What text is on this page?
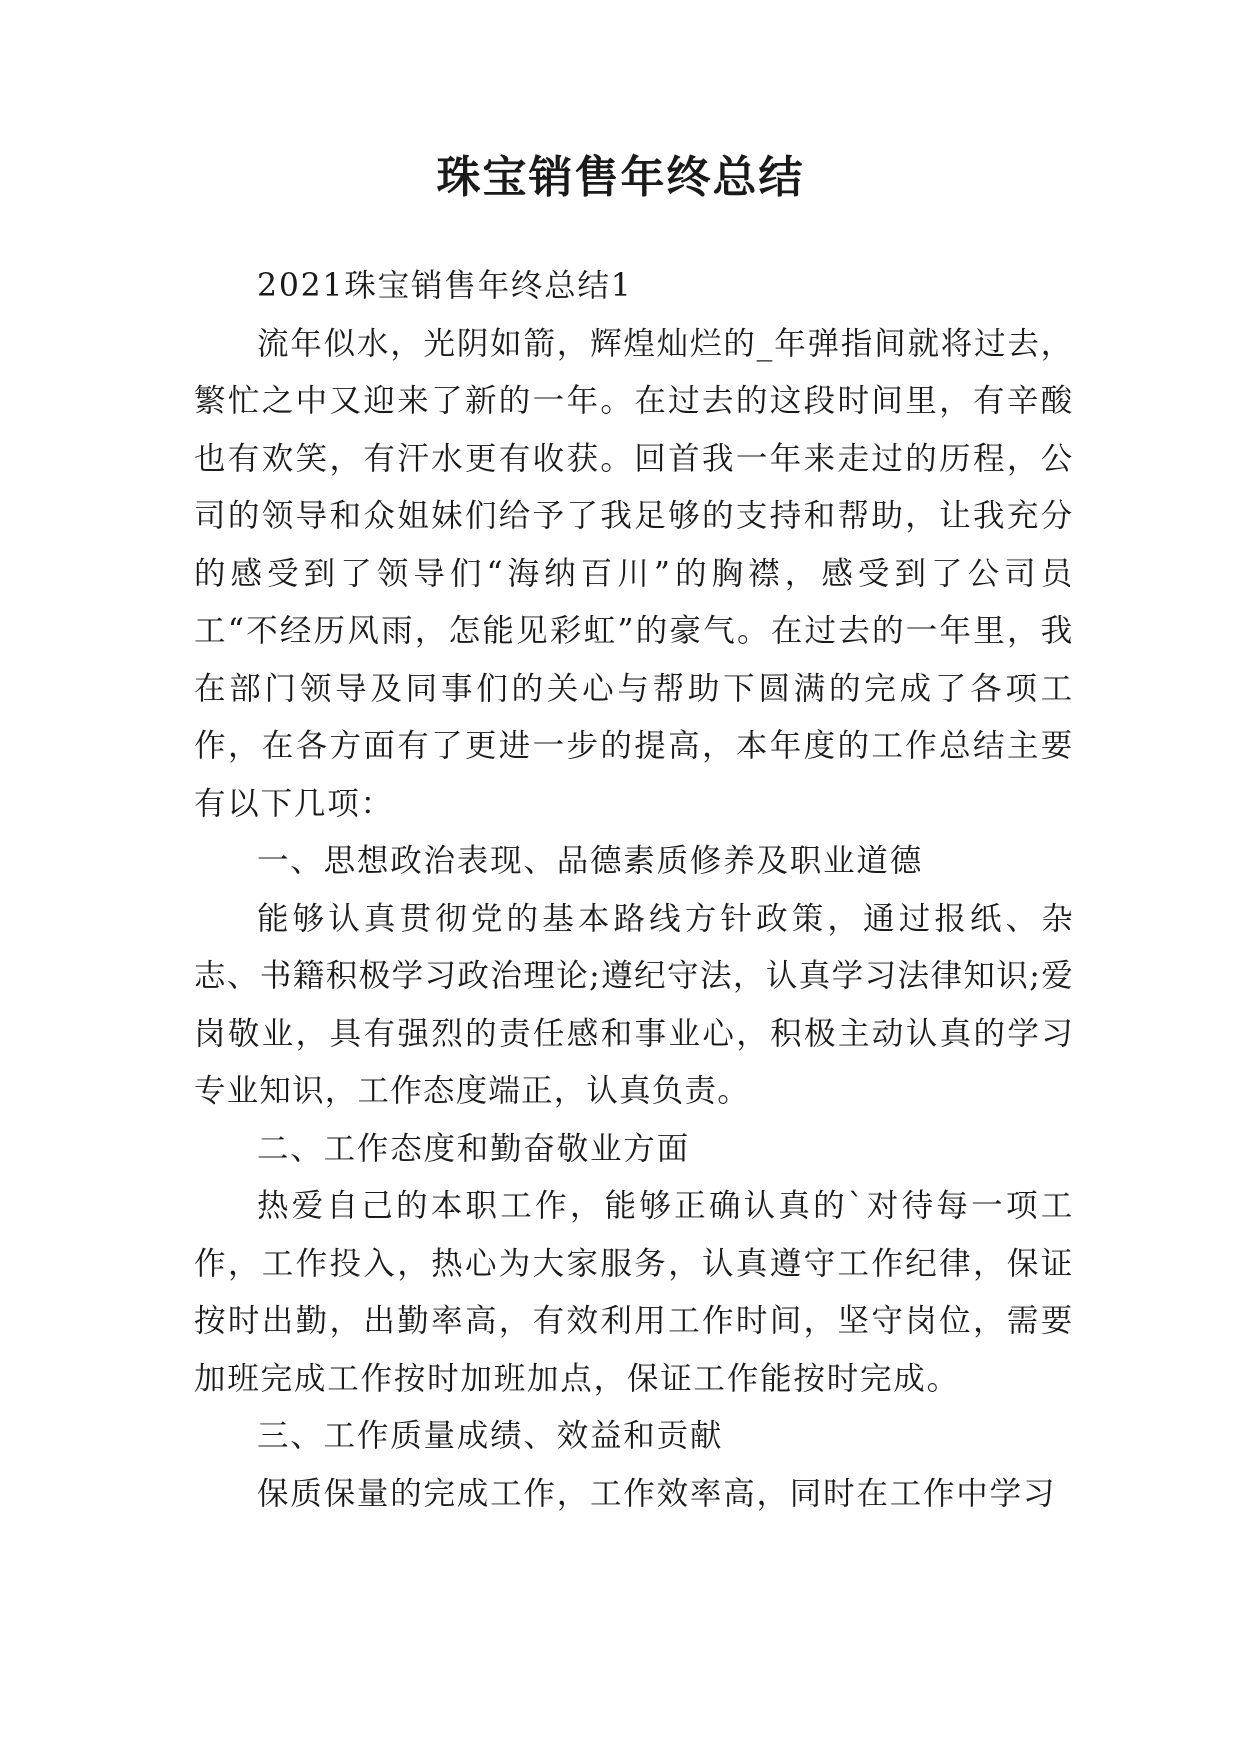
珠宝销售年终总结

2021珠宝销售年终总结1

流年似水，光阴如箭，辉煌灿烂的_年弹指间就将过去，繁忙之中又迎来了新的一年。在过去的这段时间里，有辛酸也有欢笑，有汗水更有收获。回首我一年来走过的历程，公司的领导和众姐妹们给予了我足够的支持和帮助，让我充分的感受到了领导们“海纳百川”的胸襟，感受到了公司员工“不经历风雨，怎能见彩虹”的豪气。在过去的一年里，我在部门领导及同事们的关心与帮助下圆满的完成了各项工作，在各方面有了更进一步的提高，本年度的工作总结主要有以下几项：

一、思想政治表现、品德素质修养及职业道德

能够认真贯彻党的基本路线方针政策，通过报纸、杂志、书籍积极学习政治理论;遵纪守法，认真学习法律知识;爱岗敬业，具有强烈的责任感和事业心，积极主动认真的学习专业知识，工作态度端正，认真负责。

二、工作态度和勤奋敬业方面

热爱自己的本职工作，能够正确认真的`对待每一项工作，工作投入，热心为大家服务，认真遵守工作纪律，保证按时出勤，出勤率高，有效利用工作时间，坚守岗位，需要加班完成工作按时加班加点，保证工作能按时完成。

三、工作质量成绩、效益和贡献

保质保量的完成工作，工作效率高，同时在工作中学习
